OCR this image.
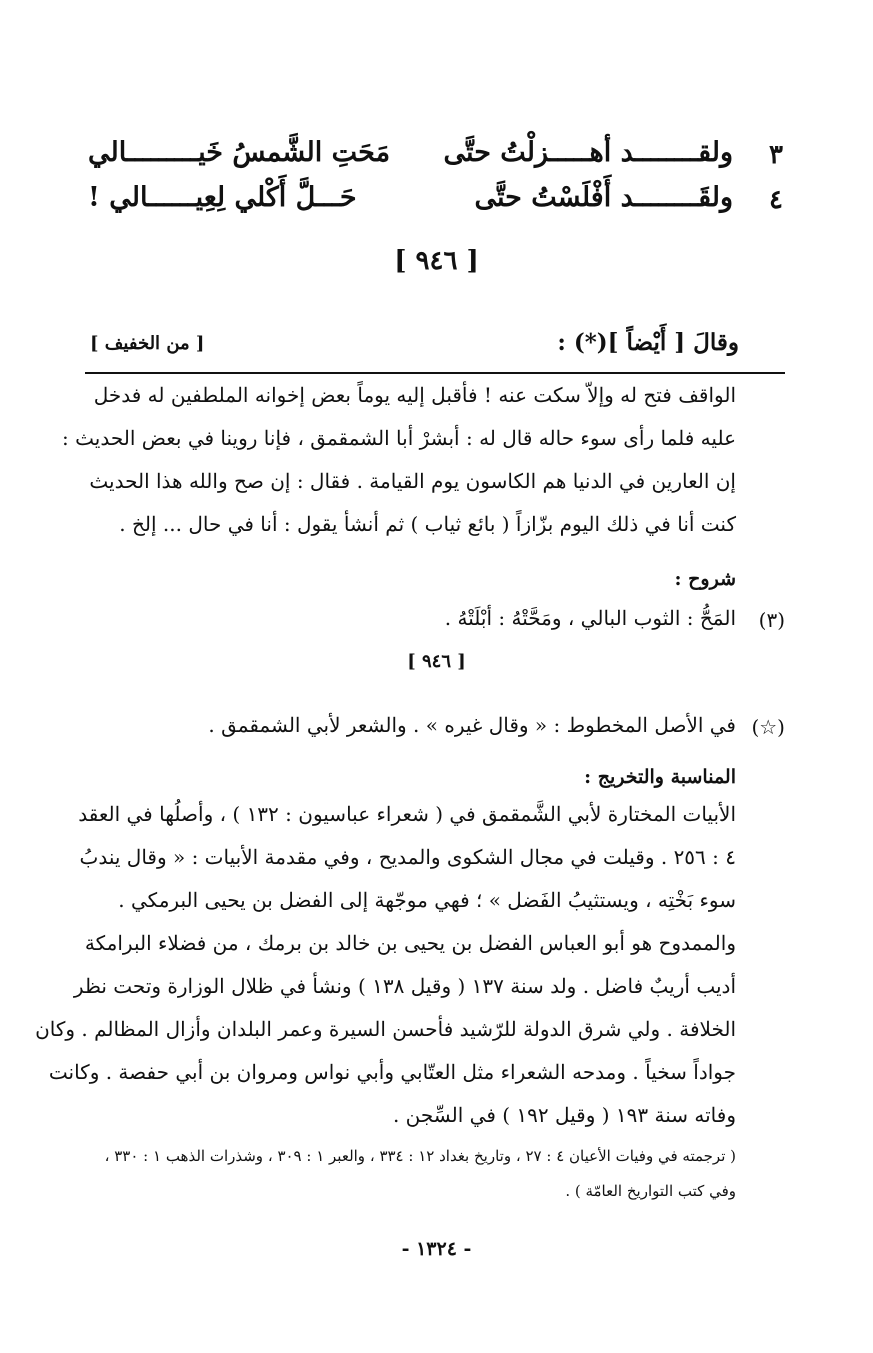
٣
ولقــــــــد أهـــــزلْتُ حتَّى
مَحَتِ الشَّمسُ خَيـــــــــالي
٤
ولقَــــــــد أَفْلَسْتُ حتَّى
حَـــلَّ أَكْلي لِعِيــــــالي !
[ ٩٤٦ ]
وقالَ [ أَيْضاً ](*) :
[ من الخفيف ]
الواقف فتح له وإلاّ سكت عنه ! فأقبل إليه يوماً بعض إخوانه الملطفين له فدخل
عليه فلما رأى سوء حاله قال له : أبشرْ أبا الشمقمق ، فإنا روينا في بعض الحديث :
إن العارين في الدنيا هم الكاسون يوم القيامة . فقال : إن صح والله هذا الحديث
كنت أنا في ذلك اليوم بزّازاً ( بائع ثياب ) ثم أنشأ يقول : أنا في حال ... إلخ .
شروح :
(٣)
المَحُّ : الثوب البالي ، ومَحَّتْهُ : أبْلَتْهُ .
[ ٩٤٦ ]
(☆)
في الأصل المخطوط : « وقال غيره » . والشعر لأبي الشمقمق .
المناسبة والتخريج :
الأبيات المختارة لأبي الشَّمقمق في ( شعراء عباسيون : ١٣٢ ) ، وأصلُها في العقد
٤ : ٢٥٦ . وقيلت في مجال الشكوى والمديح ، وفي مقدمة الأبيات : « وقال يندبُ
سوء بَخْتِه ، ويستثيبُ الفَضل » ؛ فهي موجّهة إلى الفضل بن يحيى البرمكي .
والممدوح هو أبو العباس الفضل بن يحيى بن خالد بن برمك ، من فضلاء البرامكة
أديب أريبٌ فاضل . ولد سنة ١٣٧ ( وقيل ١٣٨ ) ونشأ في ظلال الوزارة وتحت نظر
الخلافة . ولي شرق الدولة للرّشيد فأحسن السيرة وعمر البلدان وأزال المظالم . وكان
جواداً سخياً . ومدحه الشعراء مثل العتّابي وأبي نواس ومروان بن أبي حفصة . وكانت
وفاته سنة ١٩٣ ( وقيل ١٩٢ ) في السِّجن .
( ترجمته في وفيات الأعيان ٤ : ٢٧ ، وتاريخ بغداد ١٢ : ٣٣٤ ، والعبر ١ : ٣٠٩ ، وشذرات الذهب ١ : ٣٣٠ ،
وفي كتب التواريخ العامّة ) .
- ١٣٢٤ -
